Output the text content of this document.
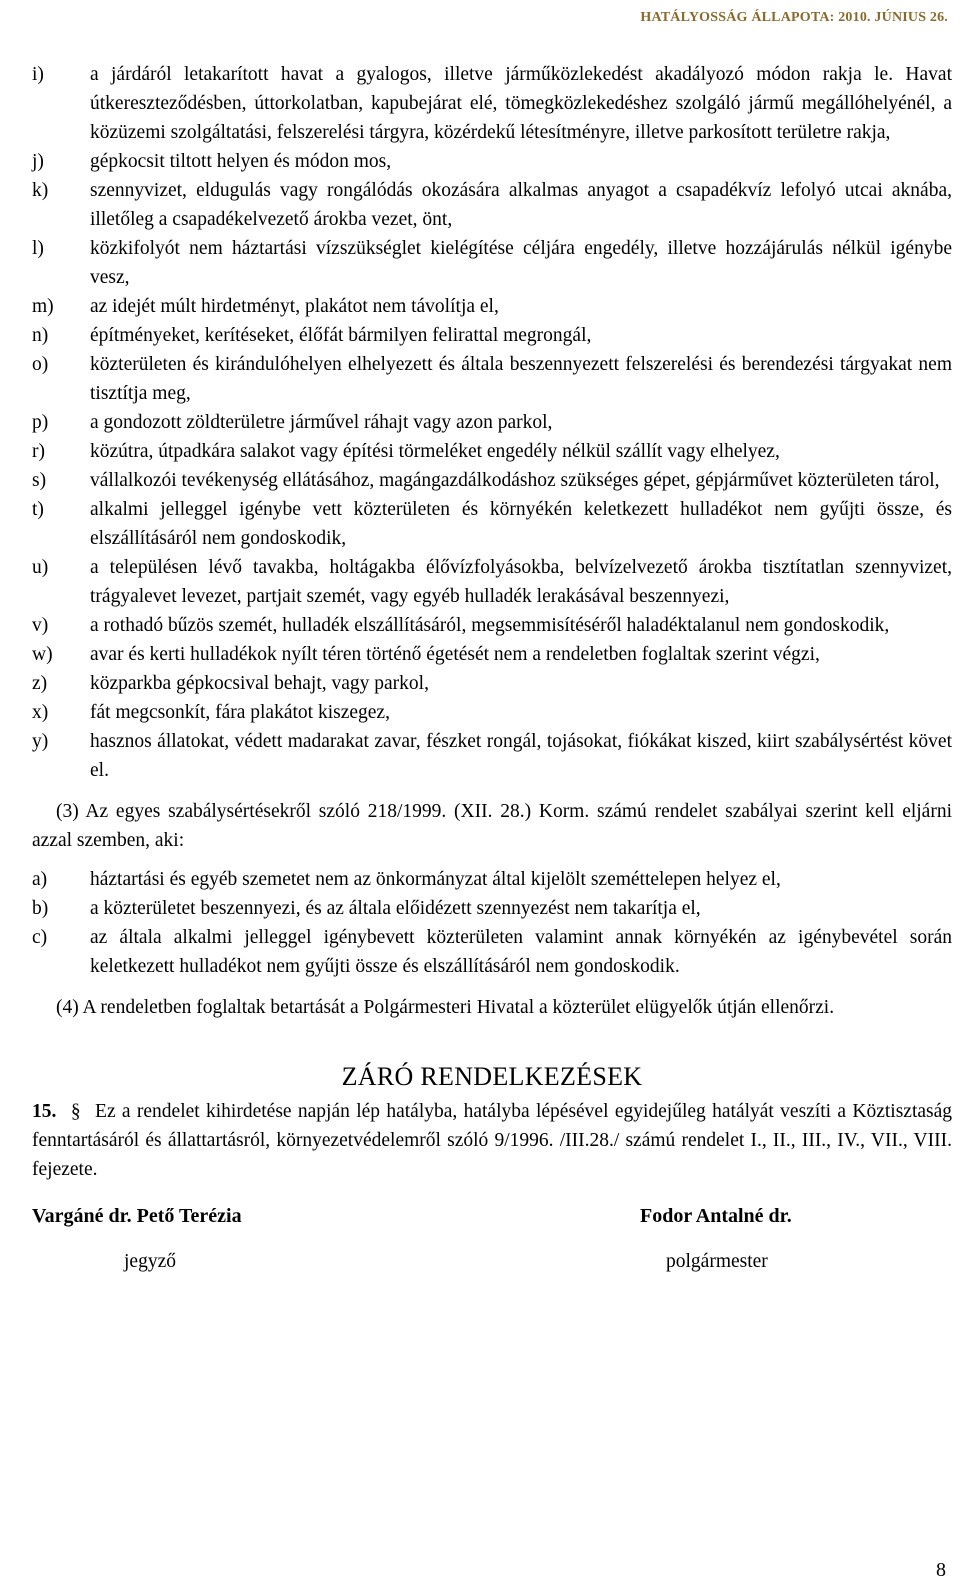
HATÁLYOSSÁG ÁLLAPOTA: 2010. JÚNIUS 26.
i)	a járdáról letakarított havat a gyalogos, illetve járműközlekedést akadályozó módon rakja le. Havat útkereszteződésben, úttorkolatban, kapubejárat elé, tömegközlekedéshez szolgáló jármű megállóhelyénél, a közüzemi szolgáltatási, felszerelési tárgyra, közérdekű létesítményre, illetve parkosított területre rakja,
j)	gépkocsit tiltott helyen és módon mos,
k)	szennyvizet, eldugulás vagy rongálódás okozására alkalmas anyagot a csapadékvíz lefolyó utcai aknába, illetőleg a csapadékelvezető árokba vezet, önt,
l)	közkifolyót nem háztartási vízszükséglet kielégítése céljára engedély, illetve hozzájárulás nélkül igénybe vesz,
m)	az idejét múlt hirdetményt, plakátot nem távolítja el,
n)	építményeket, kerítéseket, élőfát bármilyen felirattal megrongál,
o)	közterületen és kirándulóhelyen elhelyezett és általa beszennyezett felszerelési és berendezési tárgyakat nem tisztítja meg,
p)	a gondozott zöldterületre járművel ráhajt vagy azon parkol,
r)	közútra, útpadkára salakot vagy építési törmeléket engedély nélkül szállít vagy elhelyez,
s)	vállalkozói tevékenység ellátásához, magángazdálkodáshoz szükséges gépet, gépjárművet közterületen tárol,
t)	alkalmi jelleggel igénybe vett közterületen és környékén keletkezett hulladékot nem gyűjti össze, és elszállításáról nem gondoskodik,
u)	a településen lévő tavakba, holtágakba élővízfolyásokba, belvízelvezető árokba tisztítatlan szennyvizet, trágyalevet levezet, partjait szemét, vagy egyéb hulladék lerakásával beszennyezi,
v)	a rothadó bűzös szemét, hulladék elszállításáról, megsemmisítéséről haladéktalanul nem gondoskodik,
w)	avar és kerti hulladékok nyílt téren történő égetését nem a rendeletben foglaltak szerint végzi,
z)	közparkba gépkocsival behajt, vagy parkol,
x)	fát megcsonkít, fára plakátot kiszegez,
y)	hasznos állatokat, védett madarakat zavar, fészket rongál, tojásokat, fiókákat kiszed, kiirt szabálysértést követ el.
(3) Az egyes szabálysértésekről szóló 218/1999. (XII. 28.) Korm. számú rendelet szabályai szerint kell eljárni azzal szemben, aki:
a)	háztartási és egyéb szemetet nem az önkormányzat által kijelölt szeméttelepen helyez el,
b)	a közterületet beszennyezi, és az általa előidézett szennyezést nem takarítja el,
c)	az általa alkalmi jelleggel igénybevett közterületen valamint annak környékén az igénybevétel során keletkezett hulladékot nem gyűjti össze és elszállításáról nem gondoskodik.
(4) A rendeletben foglaltak betartását a Polgármesteri Hivatal a közterület elügyelők útján ellenőrzi.
ZÁRÓ RENDELKEZÉSEK
15. § Ez a rendelet kihirdetése napján lép hatályba, hatályba lépésével egyidejűleg hatályát veszíti a Köztisztaság fenntartásáról és állattartásról, környezetvédelemről szóló 9/1996. /III.28./ számú rendelet I., II., III., IV., VII., VIII. fejezete.
Vargáné dr. Pető Terézia
jegyző
Fodor Antalné dr.
polgármester
8
